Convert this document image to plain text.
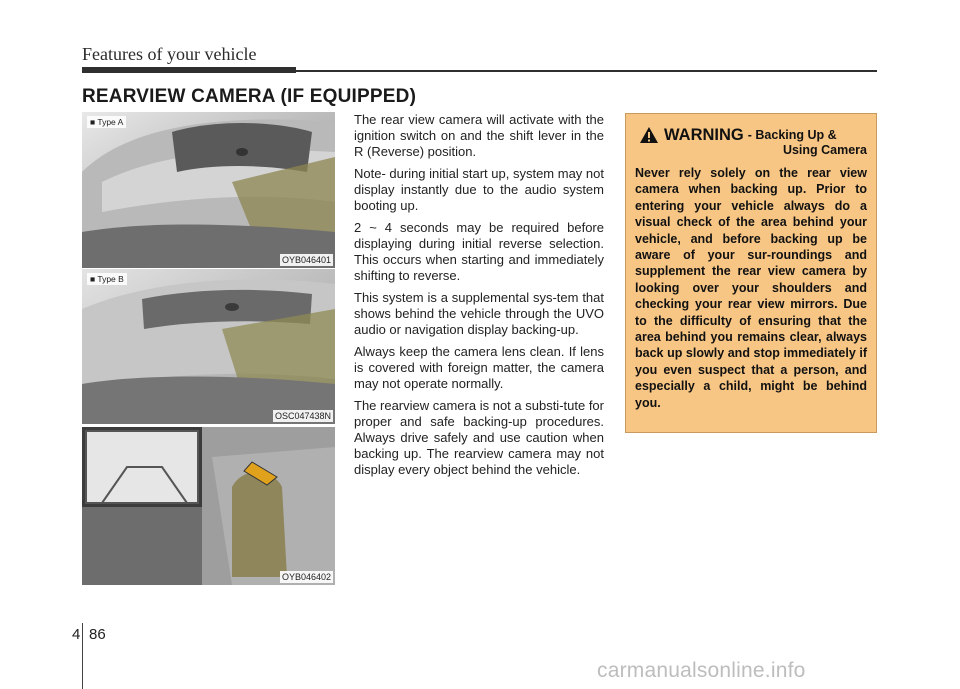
Features of your vehicle
REARVIEW CAMERA (IF EQUIPPED)
■ Type A
OYB046401
■ Type B
OSC047438N
OYB046402

The rear view camera will activate with the ignition switch on and the shift lever in the R (Reverse) position.

Note- during initial start up, system may not display instantly due to the audio system booting up.

2 ~ 4 seconds may be required before displaying during initial reverse selection. This occurs when starting and immediately shifting to reverse.

This system is a supplemental sys-tem that shows behind the vehicle through the UVO audio or navigation display backing-up.

Always keep the camera lens clean. If lens is covered with foreign matter, the camera may not operate normally.

The rearview camera is not a substi-tute for proper and safe backing-up procedures. Always drive safely and use caution when backing up. The rearview camera may not display every object behind the vehicle.

WARNING - Backing Up &
Using Camera
Never rely solely on the rear view camera when backing up. Prior to entering your vehicle always do a visual check of the area behind your vehicle, and before backing up be aware of your sur-roundings and supplement the rear view camera by looking over your shoulders and checking your rear view mirrors. Due to the difficulty of ensuring that the area behind you remains clear, always back up slowly and stop immediately if you even suspect that a person, and especially a child, might be behind you.
4 86
carmanualsonline.info
